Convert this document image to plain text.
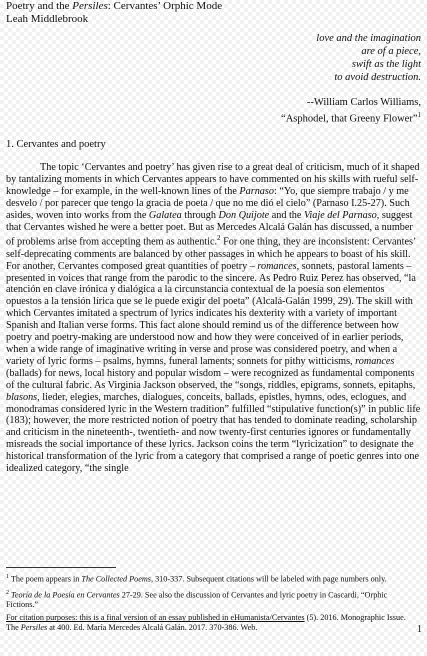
Poetry and the Persiles: Cervantes’ Orphic Mode
Leah Middlebrook
love and the imagination
are of a piece,
swift as the light
to avoid destruction.
--William Carlos Williams,
“Asphodel, that Greeny Flower”$^1$
1. Cervantes and poetry

The topic ‘Cervantes and poetry’ has given rise to a great deal of criticism, much of it shaped by tantalizing moments in which Cervantes appears to have commented on his skills with rueful self-knowledge – for example, in the well-known lines of the Parnaso: “Yo, que siempre trabajo / y me desvelo / por parecer que tengo la gracia de poeta / que no me dió el cielo” (Parnaso I.25-27). Such asides, woven into works from the Galatea through Don Quijote and the Viaje del Parnaso, suggest that Cervantes wished he were a better poet. But as Mercedes Alcalá Galán has discussed, a number of problems arise from accepting them as authentic.$^2$ For one thing, they are inconsistent: Cervantes’ self-deprecating comments are balanced by other passages in which he appears to boast of his skill. For another, Cervantes composed great quantities of poetry – romances, sonnets, pastoral laments – presented in voices that range from the parodic to the sincere. As Pedro Ruiz Perez has observed, “la atención en clave irónica y dialógica a la circunstancia contextual de la poesía son elementos opuestos a la tensión lírica que se le puede exigir del poeta” (Alcalá-Galán 1999, 29). The skill with which Cervantes imitated a spectrum of lyrics indicates his dexterity with a variety of important Spanish and Italian verse forms. This fact alone should remind us of the difference between how poetry and poetry-making are understood now and how they were conceived of in earlier periods, when a wide range of imaginative writing in verse and prose was considered poetry, and when a variety of lyric forms – psalms, hymns, funeral laments; sonnets for pithy witticisms, romances (ballads) for news, local history and popular wisdom – were recognized as fundamental components of the cultural fabric. As Virginia Jackson observed, the “songs, riddles, epigrams, sonnets, epitaphs, blasons, lieder, elegies, marches, dialogues, conceits, ballads, epistles, hymns, odes, eclogues, and monodramas considered lyric in the Western tradition” fulfilled “stipulative function(s)” in public life (183); however, the more restricted notion of poetry that has tended to dominate reading, scholarship and criticism in the nineteenth-, twentieth- and now twenty-first centuries ignores or fundamentally misreads the social importance of these lyrics. Jackson coins the term “lyricization” to designate the historical transformation of the lyric from a category that comprised a range of poetic genres into one idealized category, “the single

$^1$ The poem appears in The Collected Poems, 310-337. Subsequent citations will be labeled with page numbers only.

$^2$ Teoría de la Poesía en Cervantes 27-29. See also the discussion of Cervantes and lyric poetry in Cascardi, “Orphic Fictions.”

For citation purposes: this is a final version of an essay published in eHumanista/Cervantes (5). 2016. Monographic Issue. The Persiles at 400. Ed. María Mercedes Alcalá Galán. 2017. 370-386. Web.	1
